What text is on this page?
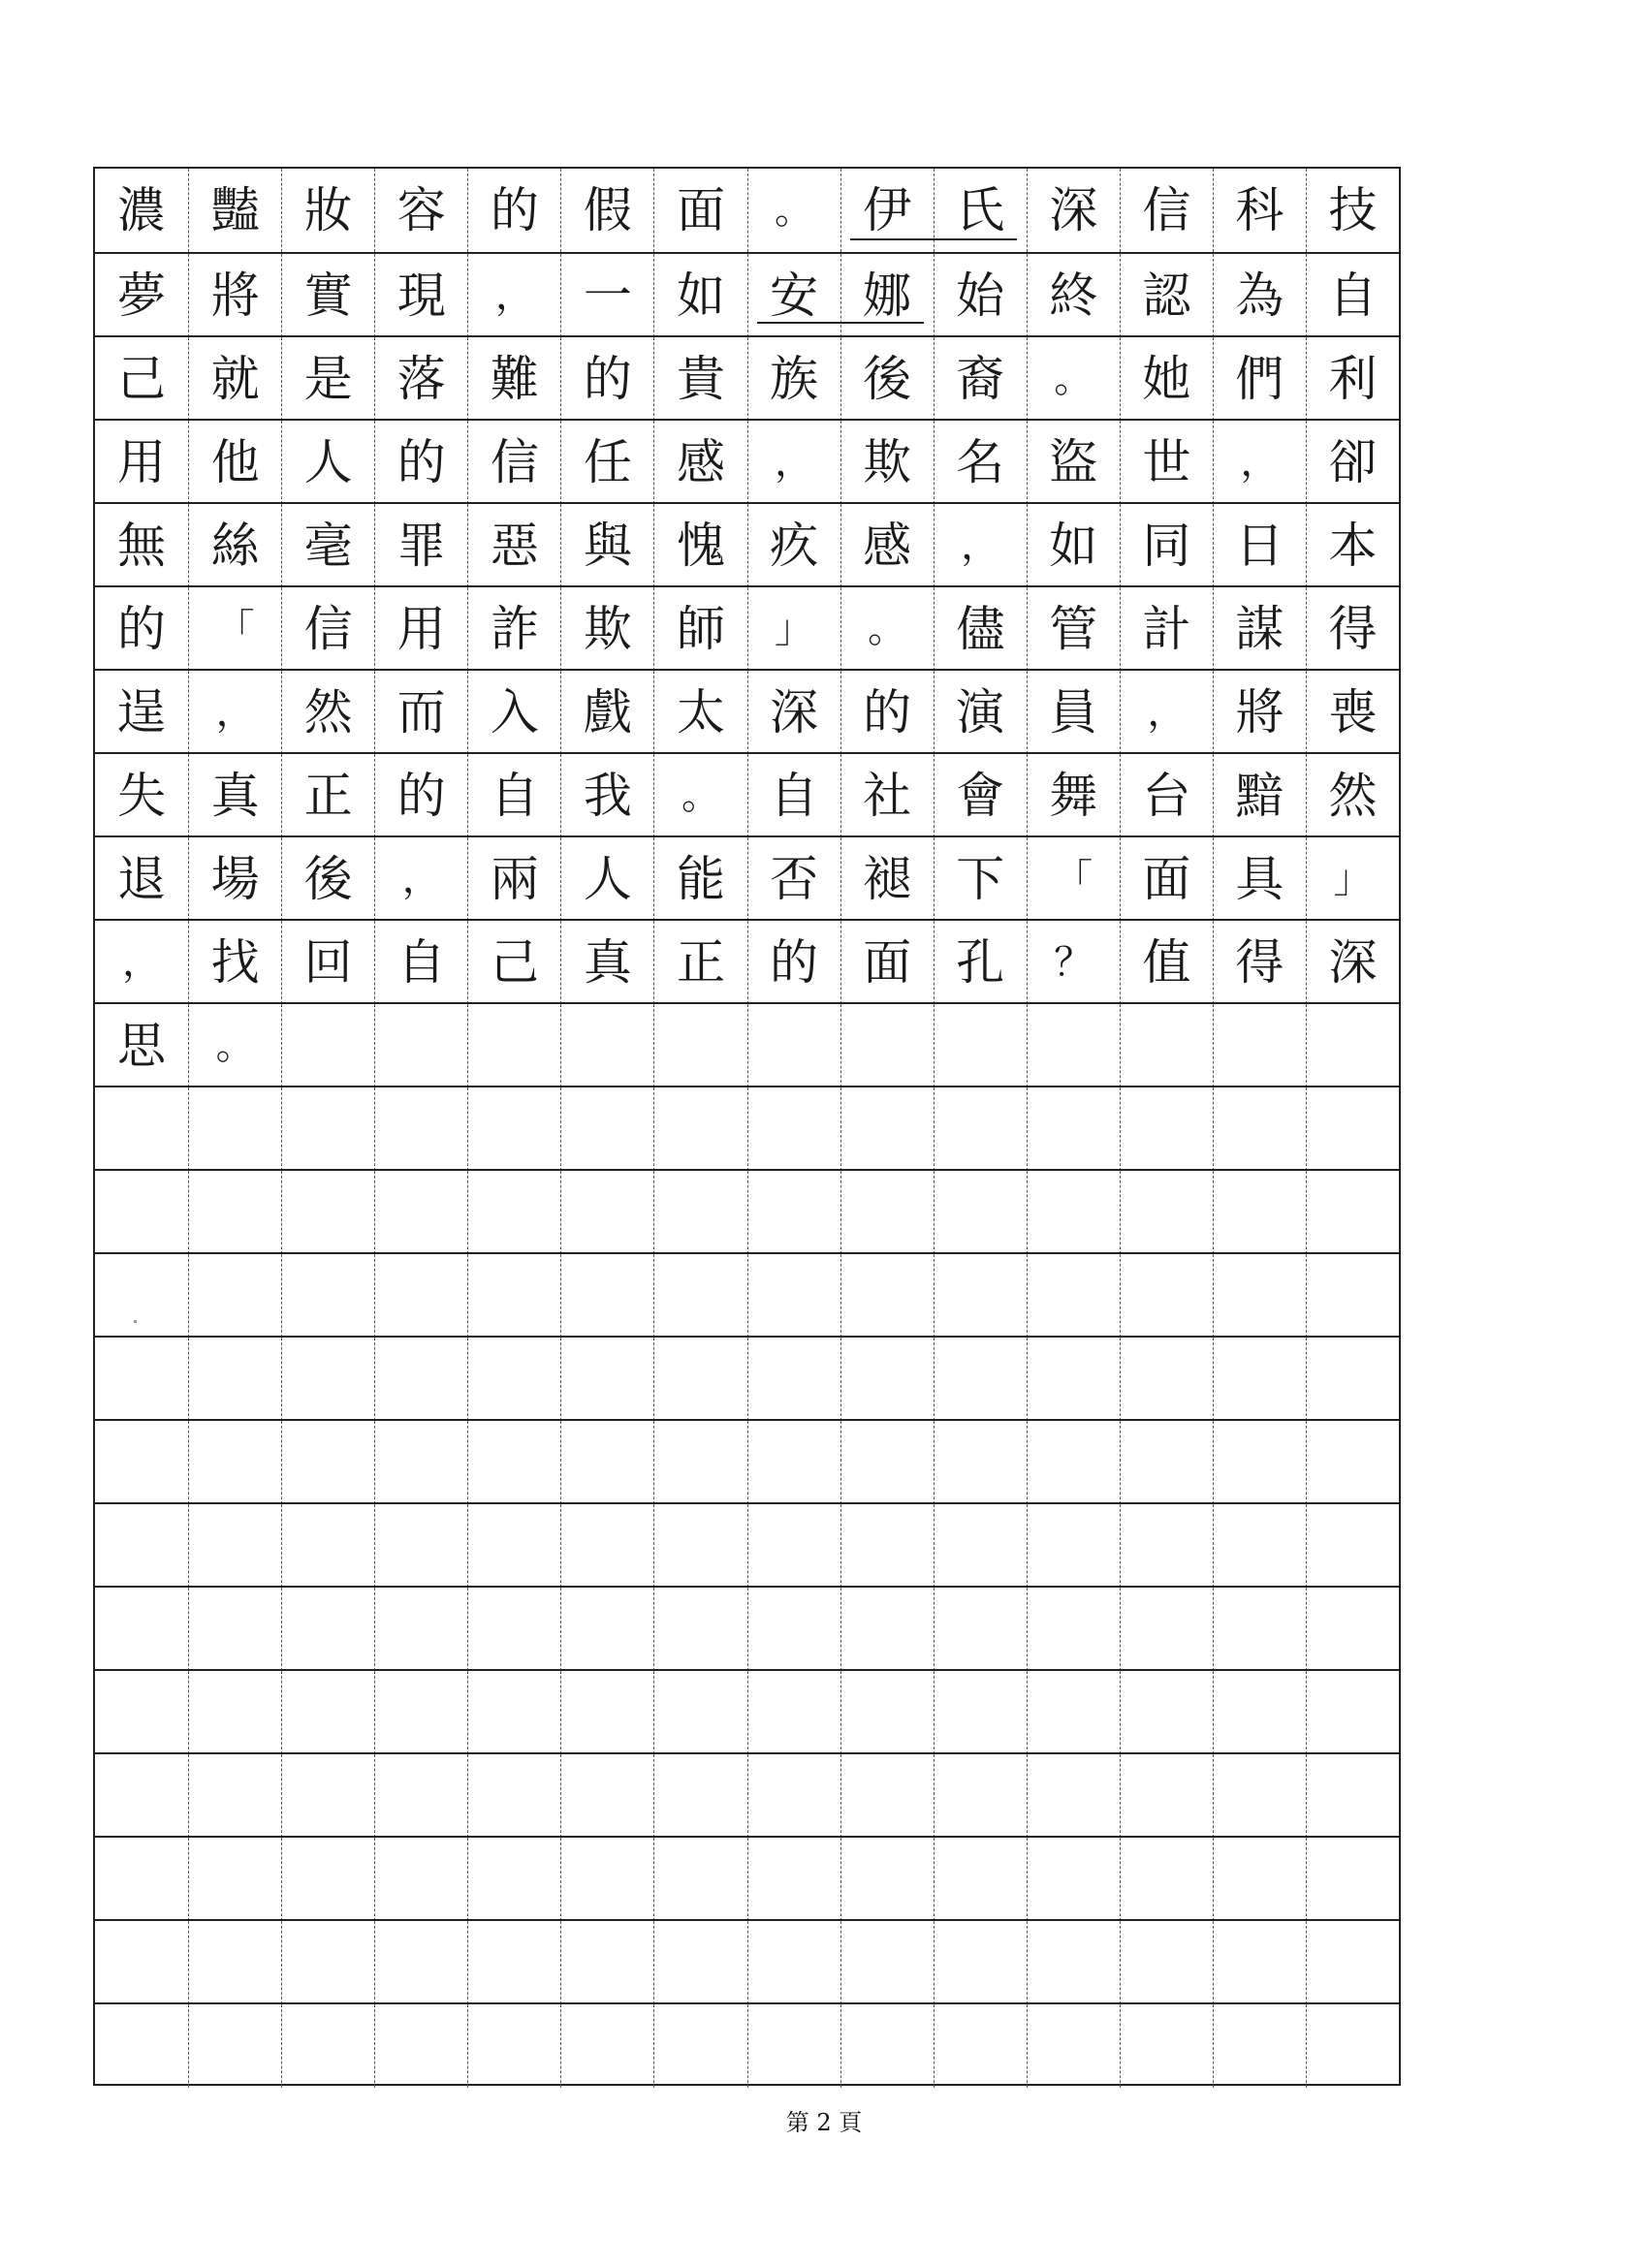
濃 豔 妝 容 的 假 面	。	伊 氏 深 信 科 技
夢 將 實 現	，	一 如 安 娜 始 終 認 為 自
己 就 是 落 難 的 貴 族 後 裔	。	她 們 利
用 他 人 的 信 任 感	，	欺 名 盜 世	，	卻
無 絲 毫 罪 惡 與 愧 疚 感	，	如 同 日 本
的	「	信 用 詐 欺 師	」	。	儘 管 計 謀 得
逞	，	然 而 入 戲 太 深 的 演 員	，	將 喪
失 真 正 的 自 我	。	自 社 會 舞 台 黯 然
退 場 後	，	兩 人 能 否 褪 下	「	面 具	」
，	找 回 自 己 真 正 的 面 孔	？	值 得 深
思	。
第 2 頁
